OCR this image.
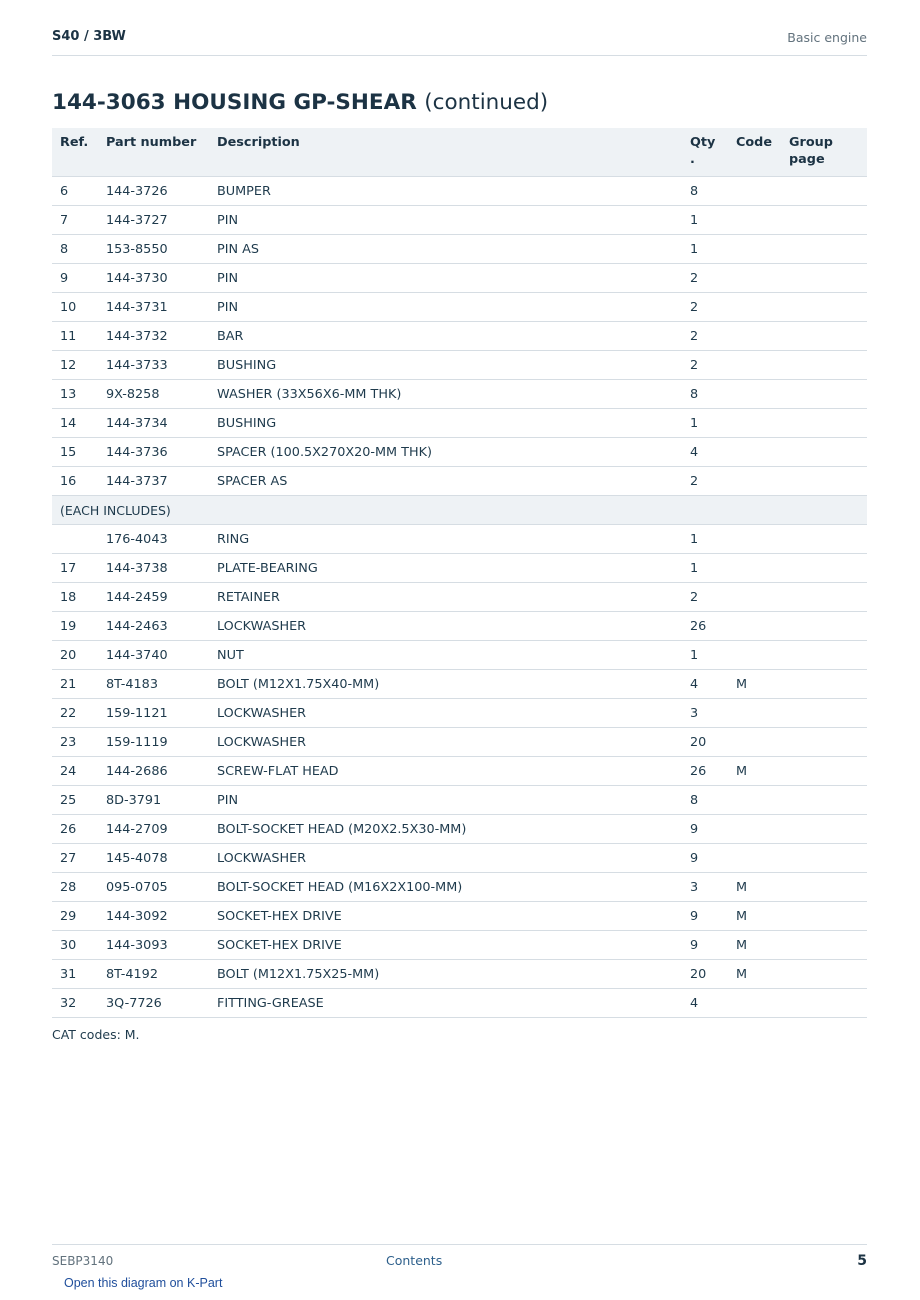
S40 / 3BW	Basic engine
144-3063 HOUSING GP-SHEAR (continued)
Ref.	Part number	Description	Qty .	Code	Group page
6	144-3726	BUMPER	8		
7	144-3727	PIN	1		
8	153-8550	PIN AS	1		
9	144-3730	PIN	2		
10	144-3731	PIN	2		
11	144-3732	BAR	2		
12	144-3733	BUSHING	2		
13	9X-8258	WASHER (33X56X6-MM THK)	8		
14	144-3734	BUSHING	1		
15	144-3736	SPACER (100.5X270X20-MM THK)	4		
16	144-3737	SPACER AS	2		
(EACH INCLUDES)					
	176-4043	RING	1		
17	144-3738	PLATE-BEARING	1		
18	144-2459	RETAINER	2		
19	144-2463	LOCKWASHER	26		
20	144-3740	NUT	1		
21	8T-4183	BOLT (M12X1.75X40-MM)	4	M	
22	159-1121	LOCKWASHER	3		
23	159-1119	LOCKWASHER	20		
24	144-2686	SCREW-FLAT HEAD	26	M	
25	8D-3791	PIN	8		
26	144-2709	BOLT-SOCKET HEAD (M20X2.5X30-MM)	9		
27	145-4078	LOCKWASHER	9		
28	095-0705	BOLT-SOCKET HEAD (M16X2X100-MM)	3	M	
29	144-3092	SOCKET-HEX DRIVE	9	M	
30	144-3093	SOCKET-HEX DRIVE	9	M	
31	8T-4192	BOLT (M12X1.75X25-MM)	20	M	
32	3Q-7726	FITTING-GREASE	4		
CAT codes: M.
SEBP3140	Contents	5
Open this diagram on K-Part
